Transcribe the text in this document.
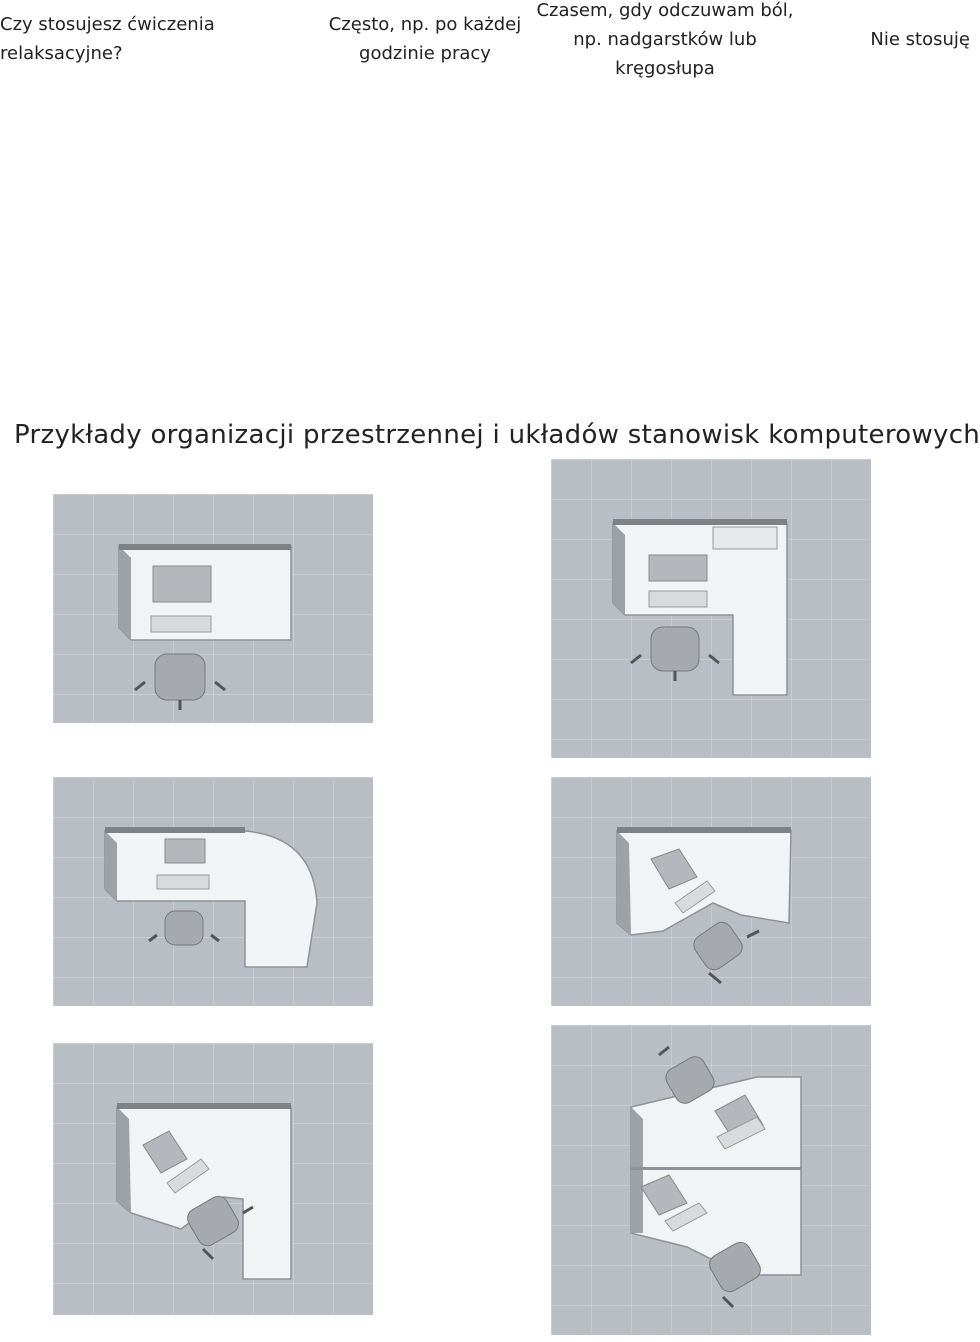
Czy stosujesz ćwiczenia relaksacyjne?
Często, np. po każdej godzinie pracy
Czasem, gdy odczuwam ból, np. nadgarstków lub kręgosłupa
Nie stosuję
Przykłady organizacji przestrzennej i układów stanowisk komputerowych
